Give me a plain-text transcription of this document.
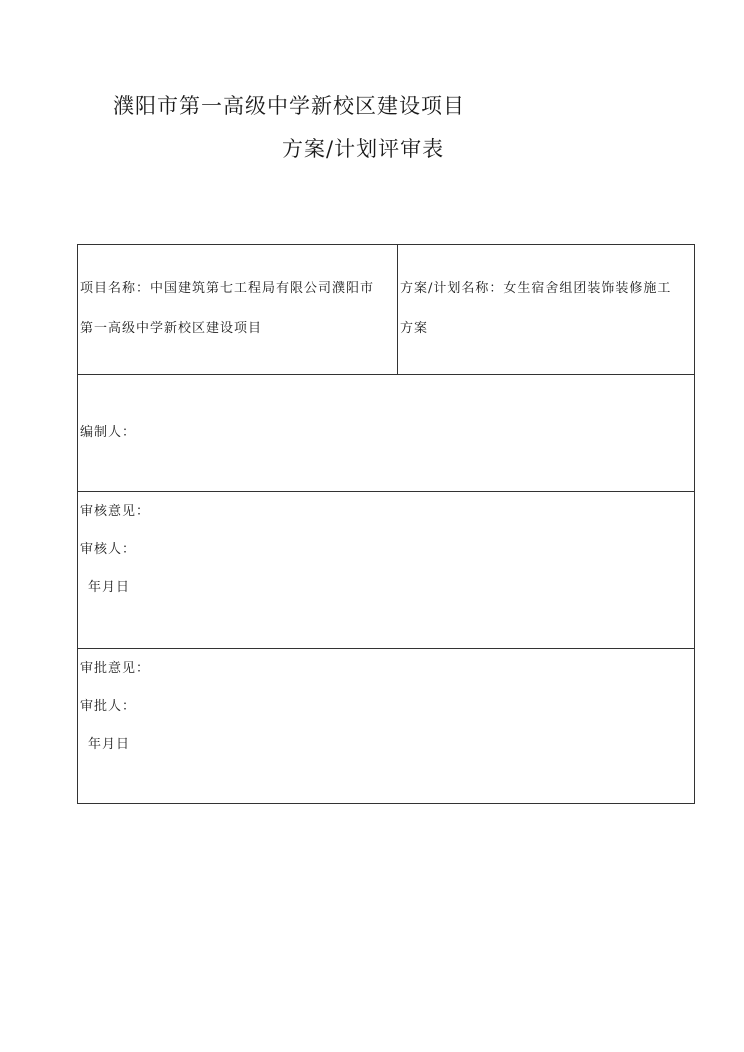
濮阳市第一高级中学新校区建设项目
方案/计划评审表
项目名称：中国建筑第七工程局有限公司濮阳市
第一高级中学新校区建设项目
方案/计划名称：女生宿舍组团装饰装修施工
方案
编制人：
审核意见：
审核人：
年月日
审批意见：
审批人：
年月日
